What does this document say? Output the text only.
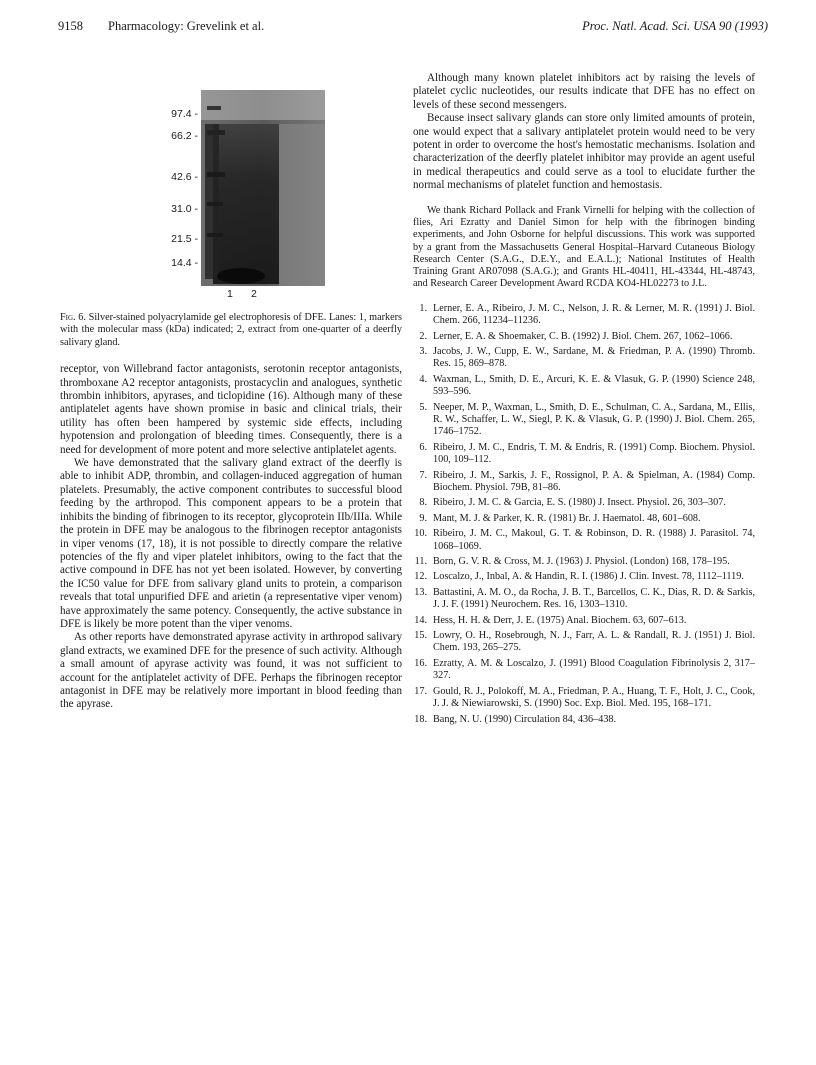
9158 Pharmacology: Grevelink et al.	Proc. Natl. Acad. Sci. USA 90 (1993)
97.4 -
66.2 -
42.6 -
31.0 -
21.5 -
14.4 -
1 2
Fig. 6. Silver-stained polyacrylamide gel electrophoresis of DFE. Lanes: 1, markers with the molecular mass (kDa) indicated; 2, extract from one-quarter of a deerfly salivary gland.

receptor, von Willebrand factor antagonists, serotonin receptor antagonists, thromboxane A2 receptor antagonists, prostacyclin and analogues, synthetic thrombin inhibitors, apyrases, and ticlopidine (16). Although many of these antiplatelet agents have shown promise in basic and clinical trials, their utility has often been hampered by systemic side effects, including hypotension and prolongation of bleeding times. Consequently, there is a need for development of more potent and more selective antiplatelet agents.

We have demonstrated that the salivary gland extract of the deerfly is able to inhibit ADP, thrombin, and collagen-induced aggregation of human platelets. Presumably, the active component contributes to successful blood feeding by the arthropod. This component appears to be a protein that inhibits the binding of fibrinogen to its receptor, glycoprotein IIb/IIIa. While the protein in DFE may be analogous to the fibrinogen receptor antagonists in viper venoms (17, 18), it is not possible to directly compare the relative potencies of the fly and viper platelet inhibitors, owing to the fact that the active compound in DFE has not yet been isolated. However, by converting the IC50 value for DFE from salivary gland units to protein, a comparison reveals that total unpurified DFE and arietin (a representative viper venom) have approximately the same potency. Consequently, the active substance in DFE is likely be more potent than the viper venoms.

As other reports have demonstrated apyrase activity in arthropod salivary gland extracts, we examined DFE for the presence of such activity. Although a small amount of apyrase activity was found, it was not sufficient to account for the antiplatelet activity of DFE. Perhaps the fibrinogen receptor antagonist in DFE may be relatively more important in blood feeding than the apyrase.

Although many known platelet inhibitors act by raising the levels of platelet cyclic nucleotides, our results indicate that DFE has no effect on levels of these second messengers.

Because insect salivary glands can store only limited amounts of protein, one would expect that a salivary antiplatelet protein would need to be very potent in order to overcome the host's hemostatic mechanisms. Isolation and characterization of the deerfly platelet inhibitor may provide an agent useful in medical therapeutics and could serve as a tool to elucidate further the normal mechanisms of platelet function and hemostasis.

We thank Richard Pollack and Frank Virnelli for helping with the collection of flies, Ari Ezratty and Daniel Simon for help with the fibrinogen binding experiments, and John Osborne for helpful discussions. This work was supported by a grant from the Massachusetts General Hospital–Harvard Cutaneous Biology Research Center (S.A.G., D.E.Y., and E.A.L.); National Institutes of Health Training Grant AR07098 (S.A.G.); and Grants HL-40411, HL-43344, HL-48743, and Research Career Development Award RCDA KO4-HL02273 to J.L.
1. Lerner, E. A., Ribeiro, J. M. C., Nelson, J. R. & Lerner, M. R. (1991) J. Biol. Chem. 266, 11234–11236.
2. Lerner, E. A. & Shoemaker, C. B. (1992) J. Biol. Chem. 267, 1062–1066.
3. Jacobs, J. W., Cupp, E. W., Sardane, M. & Friedman, P. A. (1990) Thromb. Res. 15, 869–878.
4. Waxman, L., Smith, D. E., Arcuri, K. E. & Vlasuk, G. P. (1990) Science 248, 593–596.
5. Neeper, M. P., Waxman, L., Smith, D. E., Schulman, C. A., Sardana, M., Ellis, R. W., Schaffer, L. W., Siegl, P. K. & Vlasuk, G. P. (1990) J. Biol. Chem. 265, 1746–1752.
6. Ribeiro, J. M. C., Endris, T. M. & Endris, R. (1991) Comp. Biochem. Physiol. 100, 109–112.
7. Ribeiro, J. M., Sarkis, J. F., Rossignol, P. A. & Spielman, A. (1984) Comp. Biochem. Physiol. 79B, 81–86.
8. Ribeiro, J. M. C. & Garcia, E. S. (1980) J. Insect. Physiol. 26, 303–307.
9. Mant, M. J. & Parker, K. R. (1981) Br. J. Haematol. 48, 601–608.
10. Ribeiro, J. M. C., Makoul, G. T. & Robinson, D. R. (1988) J. Parasitol. 74, 1068–1069.
11. Born, G. V. R. & Cross, M. J. (1963) J. Physiol. (London) 168, 178–195.
12. Loscalzo, J., Inbal, A. & Handin, R. I. (1986) J. Clin. Invest. 78, 1112–1119.
13. Battastini, A. M. O., da Rocha, J. B. T., Barcellos, C. K., Dias, R. D. & Sarkis, J. J. F. (1991) Neurochem. Res. 16, 1303–1310.
14. Hess, H. H. & Derr, J. E. (1975) Anal. Biochem. 63, 607–613.
15. Lowry, O. H., Rosebrough, N. J., Farr, A. L. & Randall, R. J. (1951) J. Biol. Chem. 193, 265–275.
16. Ezratty, A. M. & Loscalzo, J. (1991) Blood Coagulation Fibrinolysis 2, 317–327.
17. Gould, R. J., Polokoff, M. A., Friedman, P. A., Huang, T. F., Holt, J. C., Cook, J. J. & Niewiarowski, S. (1990) Soc. Exp. Biol. Med. 195, 168–171.
18. Bang, N. U. (1990) Circulation 84, 436–438.
